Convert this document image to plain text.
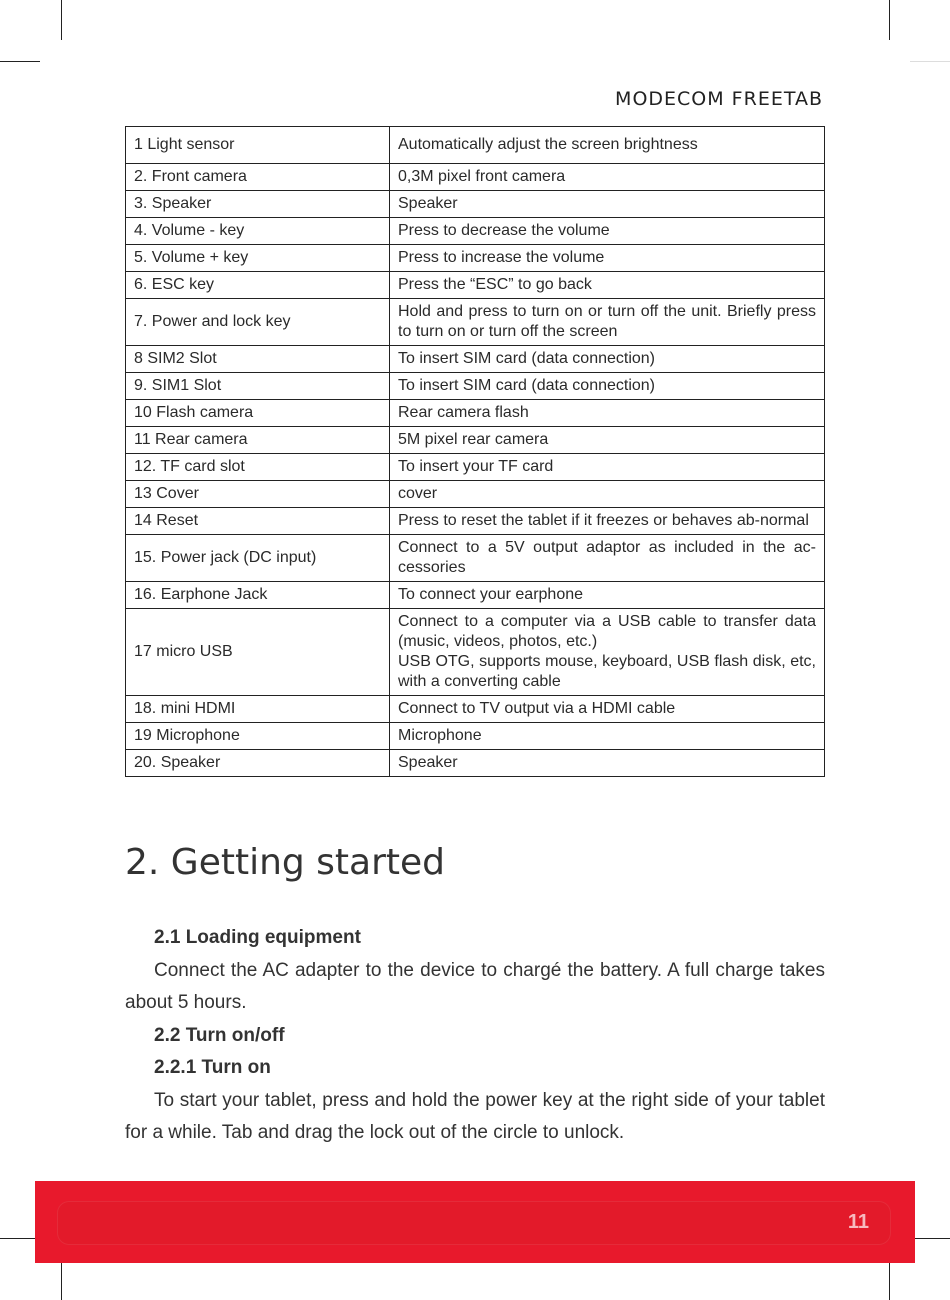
MODECOM FREETAB
1 Light sensor	Automatically adjust the screen brightness

2. Front camera	0,3M pixel front camera

3. Speaker	Speaker

4. Volume - key	Press to decrease the volume

5. Volume + key	Press to increase the volume

6. ESC key	Press the “ESC” to go back

7. Power and lock key	Hold and press to turn on or turn off the unit. Briefly press to turn on or turn off the screen

8 SIM2 Slot	To insert SIM card (data connection)

9. SIM1 Slot	To insert SIM card (data connection)

10 Flash camera	Rear camera flash

11 Rear camera	5M pixel rear camera

12. TF card slot	To insert your TF card

13 Cover	cover

14 Reset	Press to reset the tablet if it freezes or behaves ab-normal

15. Power jack (DC input)	Connect to a 5V output adaptor as included in the ac-cessories

16. Earphone Jack	To connect your earphone

17 micro USB	Connect to a computer via a USB cable to transfer data (music, videos, photos, etc.)
USB OTG, supports mouse, keyboard, USB flash disk, etc, with a converting cable

18. mini HDMI	Connect to TV output via a HDMI cable

19 Microphone	Microphone

20. Speaker	Speaker
2. Getting started
2.1 Loading equipment

Connect the AC adapter to the device to chargé the battery. A full charge takes about 5 hours.

2.2 Turn on/off
2.2.1 Turn on

To start your tablet, press and hold the power key at the right side of your tablet for a while. Tab and drag the lock out of the circle to unlock.

11
